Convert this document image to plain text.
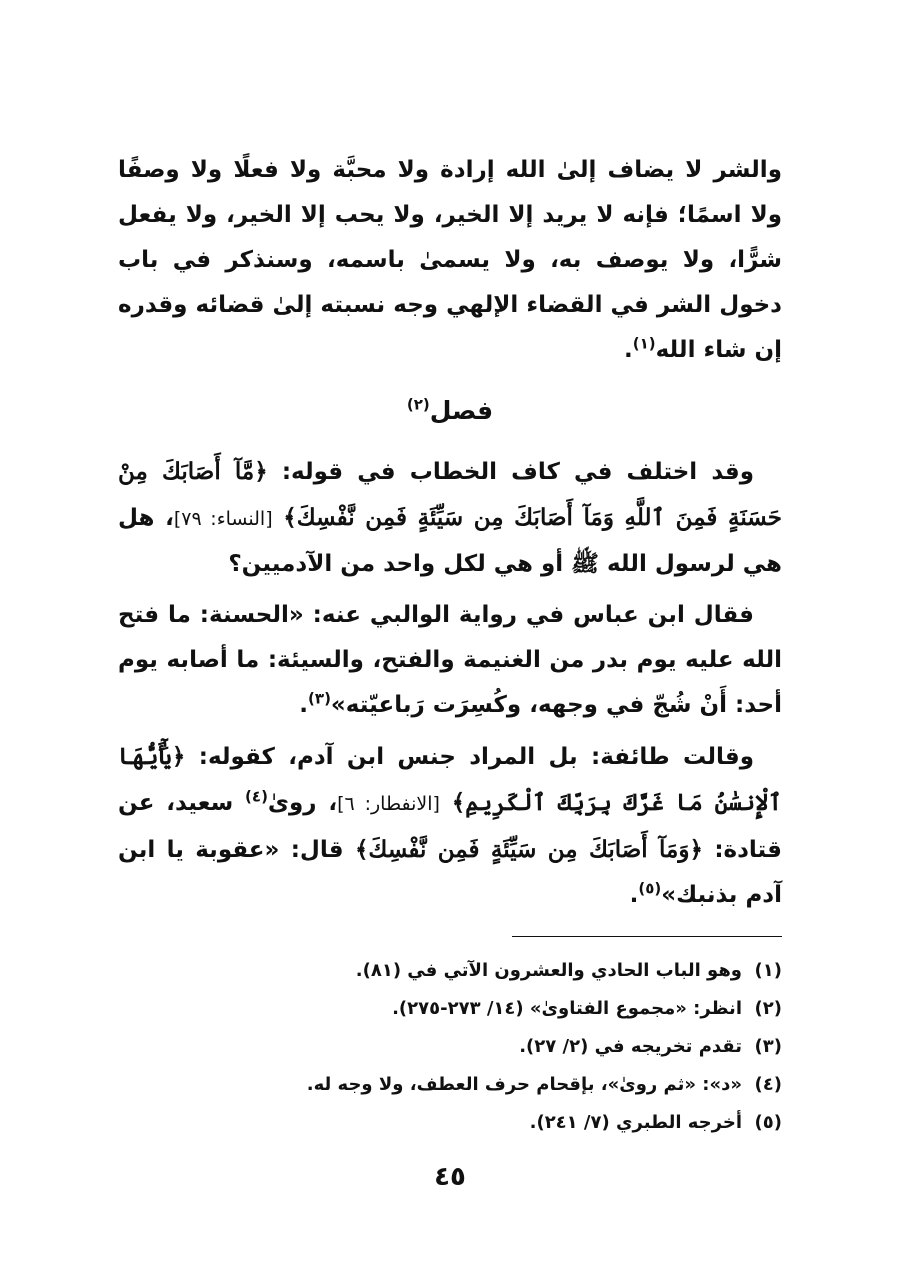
والشر لا يضاف إلىٰ الله إرادة ولا محبَّة ولا فعلًا ولا وصفًا ولا اسمًا؛ فإنه لا يريد إلا الخير، ولا يحب إلا الخير، ولا يفعل شرًّا، ولا يوصف به، ولا يسمىٰ باسمه، وسنذكر في باب دخول الشر في القضاء الإلهي وجه نسبته إلىٰ قضائه وقدره إن شاء الله$^{(١)}$.

فصل$^{(٢)}$

وقد اختلف في كاف الخطاب في قوله: ﴿مَّآ أَصَابَكَ مِنْ حَسَنَةٍ فَمِنَ ٱللَّهِ وَمَآ أَصَابَكَ مِن سَيِّئَةٍ فَمِن نَّفْسِكَ﴾ [النساء: ٧٩]، هل هي لرسول الله ﷺ أو هي لكل واحد من الآدميين؟

فقال ابن عباس في رواية الوالبي عنه: «الحسنة: ما فتح الله عليه يوم بدر من الغنيمة والفتح، والسيئة: ما أصابه يوم أحد: أَنْ شُجّ في وجهه، وكُسِرَت رَباعيّته»$^{(٣)}$.

وقالت طائفة: بل المراد جنس ابن آدم، كقوله: ﴿يَٰٓأَيُّهَا ٱلْإِنسَٰنُ مَا غَرَّكَ بِرَبِّكَ ٱلْكَرِيمِ﴾ [الانفطار: ٦]، روىٰ$^{(٤)}$ سعيد، عن قتادة: ﴿وَمَآ أَصَابَكَ مِن سَيِّئَةٍ فَمِن نَّفْسِكَ﴾ قال: «عقوبة يا ابن آدم بذنبك»$^{(٥)}$.

(١)
وهو الباب الحادي والعشرون الآتي في (٨١).
(٢)
انظر: «مجموع الفتاوىٰ» (١٤/ ٢٧٣-٢٧٥).
(٣)
تقدم تخريجه في (٢/ ٢٧).
(٤)
«د»: «ثم روىٰ»، بإقحام حرف العطف، ولا وجه له.
(٥)
أخرجه الطبري (٧/ ٢٤١).
٤٥
